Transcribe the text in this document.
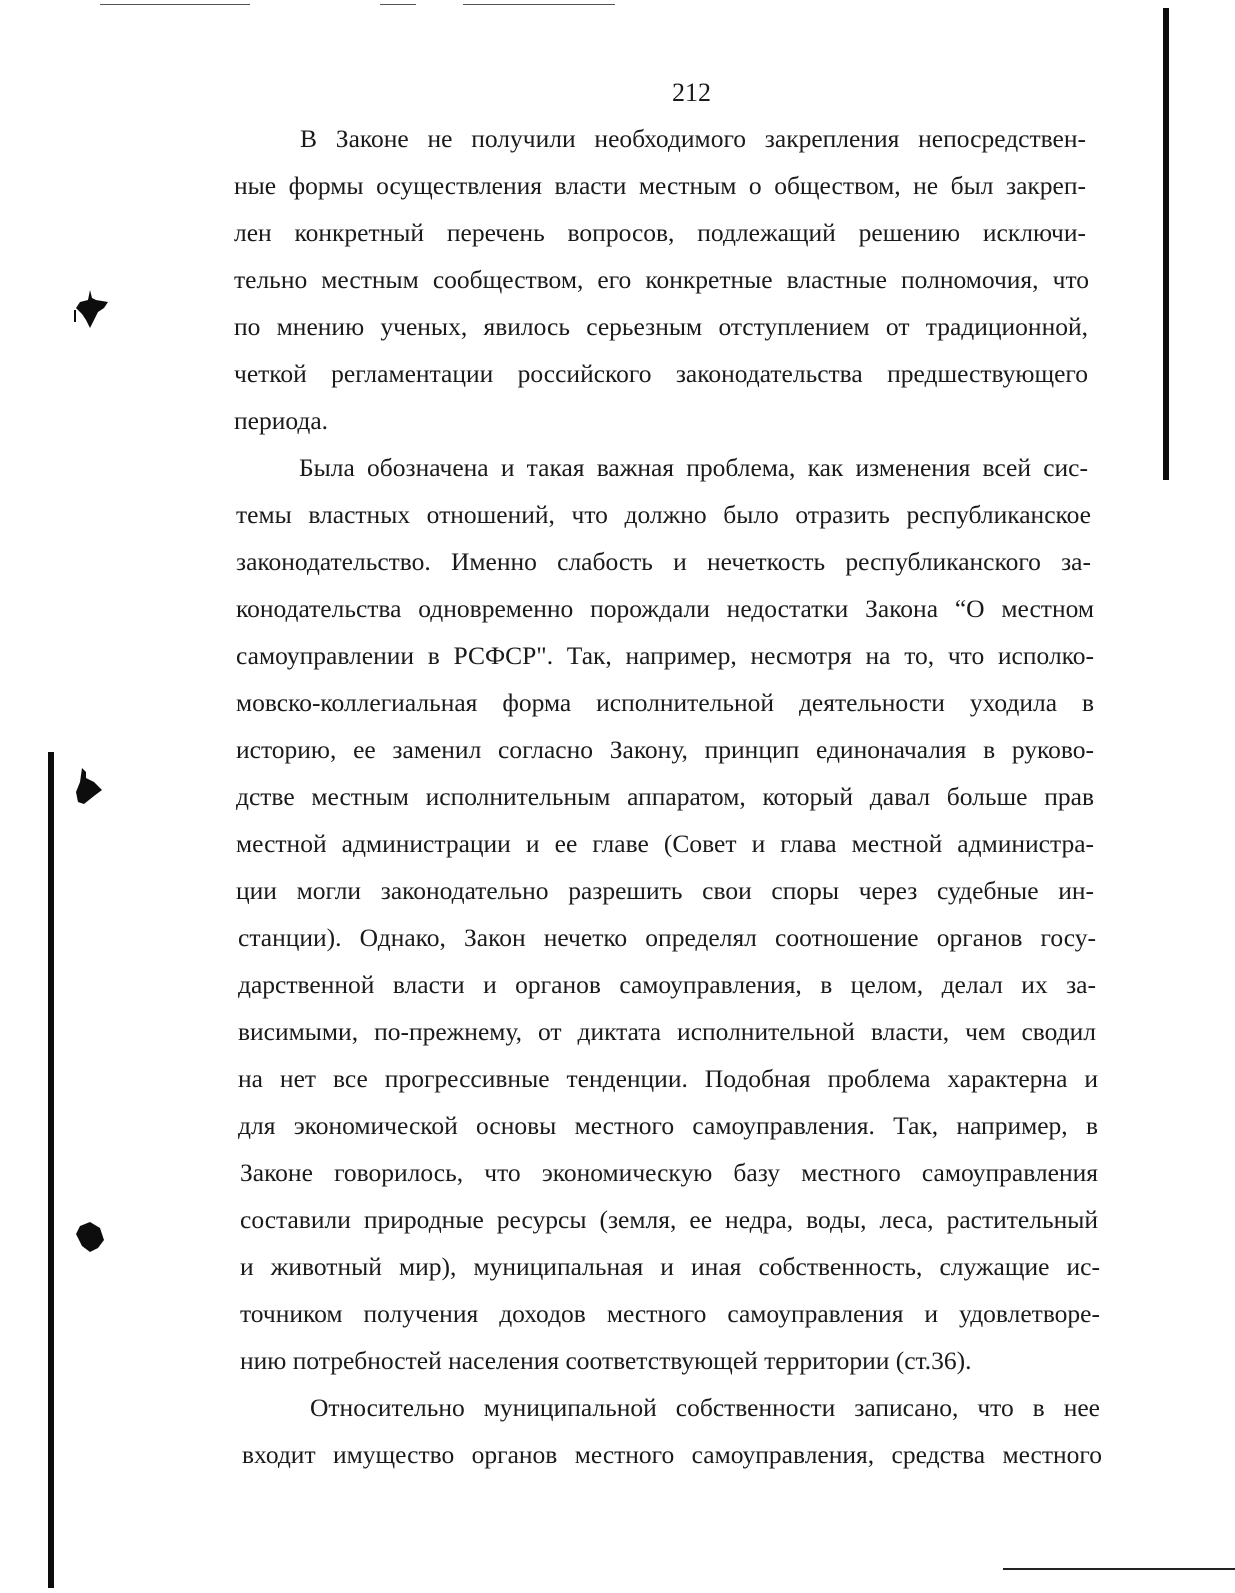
212
В Законе не получили необходимого закрепления непосредствен-
ные формы осуществления власти местным о обществом, не был закреп-
лен конкретный перечень вопросов, подлежащий решению исключи-
тельно местным сообществом, его конкретные властные полномочия, что
по мнению ученых, явилось серьезным отступлением от традиционной,
четкой регламентации российского законодательства предшествующего
периода.
Была обозначена и такая важная проблема, как изменения всей сис-
темы властных отношений, что должно было отразить республиканское
законодательство. Именно слабость и нечеткость республиканского за-
конодательства одновременно порождали недостатки Закона “О местном
самоуправлении в РСФСР". Так, например, несмотря на то, что исполко-
мовско-коллегиальная форма исполнительной деятельности уходила в
историю, ее заменил согласно Закону, принцип единоначалия в руково-
дстве местным исполнительным аппаратом, который давал больше прав
местной администрации и ее главе (Совет и глава местной администра-
ции могли законодательно разрешить свои споры через судебные ин-
станции). Однако, Закон нечетко определял соотношение органов госу-
дарственной власти и органов самоуправления, в целом, делал их за-
висимыми, по-прежнему, от диктата исполнительной власти, чем сводил
на нет все прогрессивные тенденции. Подобная проблема характерна и
для экономической основы местного самоуправления. Так, например, в
Законе говорилось, что экономическую базу местного самоуправления
составили природные ресурсы (земля, ее недра, воды, леса, растительный
и животный мир), муниципальная и иная собственность, служащие ис-
точником получения доходов местного самоуправления и удовлетворе-
нию потребностей населения соответствующей территории (ст.36).
Относительно муниципальной собственности записано, что в нее
входит имущество органов местного самоуправления, средства местного
